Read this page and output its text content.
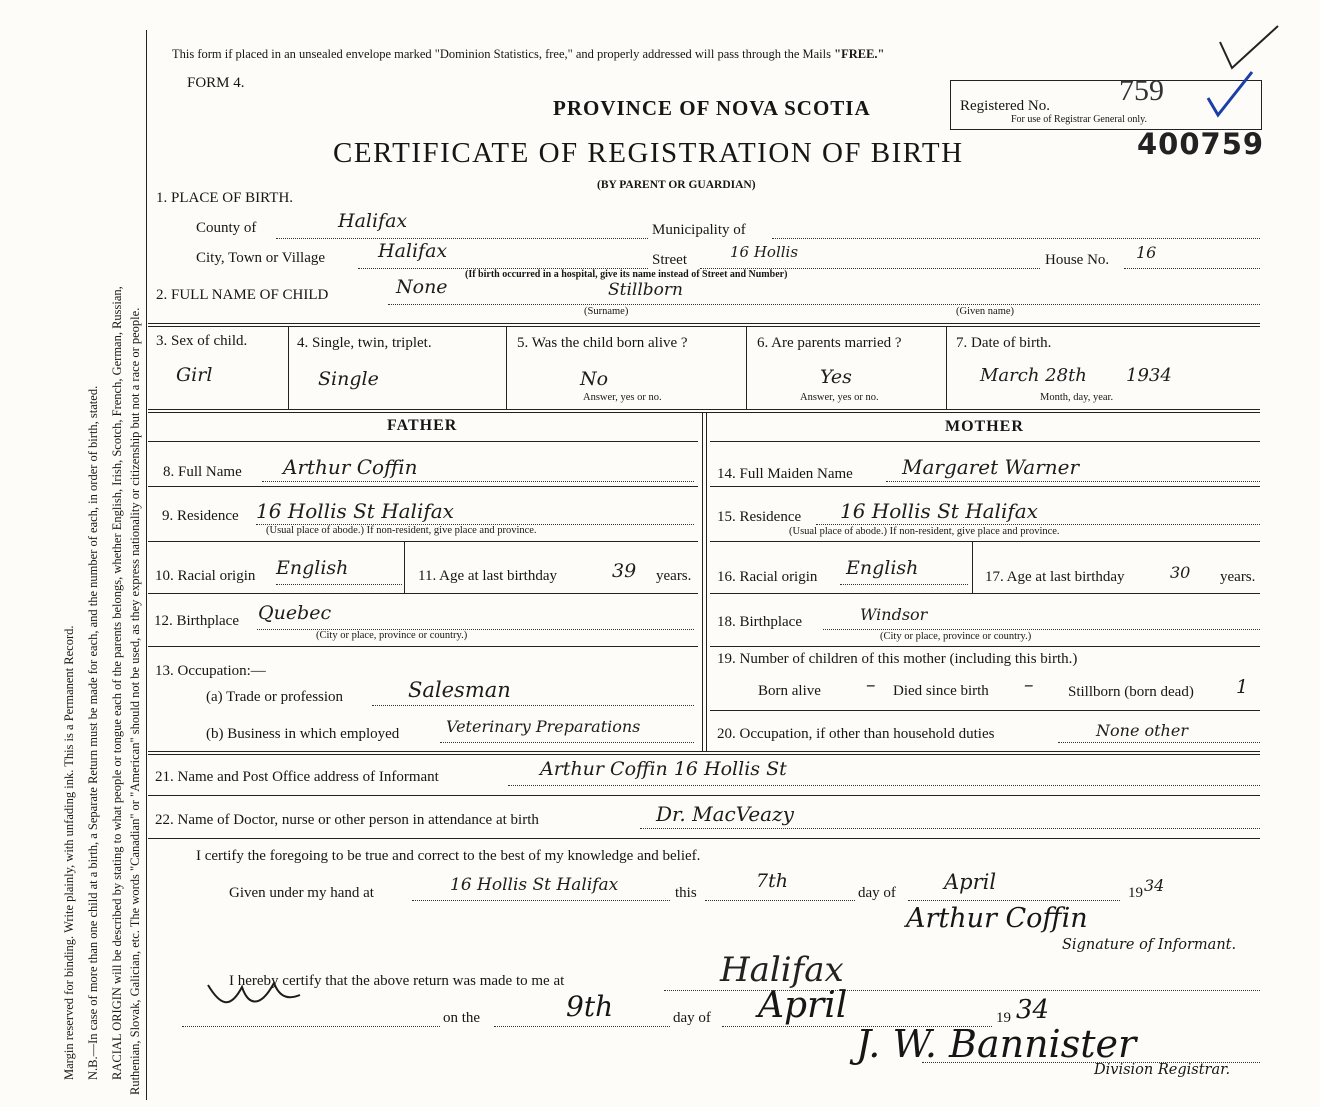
Margin reserved for binding. Write plainly, with unfading ink. This is a Permanent Record. N.B.—In case of more than one child at a birth, a Separate Return must be made for each, and the number of each, in order of birth, stated. RACIAL ORIGIN will be described by stating to what people or tongue each of the parents belongs, whether English, Irish, Scotch, French, German, Russian, Ruthenian, Slovak, Galician, etc. The words "Canadian" or "American" should not be used, as they express nationality or citizenship but not a race or people.
This form if placed in an unsealed envelope marked "Dominion Statistics, free," and properly addressed will pass through the Mails "FREE."
FORM 4.
PROVINCE OF NOVA SCOTIA
CERTIFICATE OF REGISTRATION OF BIRTH
(BY PARENT OR GUARDIAN)
Registered No. 759
For use of Registrar General only.
400759
1. PLACE OF BIRTH.
County of	Halifax	Municipality of
City, Town or Village	Halifax	Street	16 Hollis
(If birth occurred in a hospital, give its name instead of Street and Number)
House No. 16
2. FULL NAME OF CHILD	None	Stillborn
(Surname)	(Given name)
3. Sex of child.
Girl
4. Single, twin, triplet.
Single
5. Was the child born alive ?
No
Answer, yes or no.
6. Are parents married ?
Yes
Answer, yes or no.
7. Date of birth.
March 28th 1934
Month, day, year.
FATHER	MOTHER
8. Full Name Arthur Coffin
9. Residence 16 Hollis St Halifax
(Usual place of abode.) If non-resident, give place and province.
10. Racial origin English	11. Age at last birthday	39 years.
12. Birthplace Quebec
(City or place, province or country.)
13. Occupation:—
(a) Trade or profession	Salesman
(b) Business in which employed	Veterinary Preparations
14. Full Maiden Name Margaret Warner
15. Residence 16 Hollis St Halifax
(Usual place of abode.) If non-resident, give place and province.
16. Racial origin English	17. Age at last birthday	30 years.
18. Birthplace	Windsor
(City or place, province or country.)
19. Number of children of this mother (including this birth.)
Born alive – Died since birth – Stillborn (born dead) 1
20. Occupation, if other than household duties	None other
21. Name and Post Office address of Informant	Arthur Coffin 16 Hollis St
22. Name of Doctor, nurse or other person in attendance at birth	Dr. MacVeazy
I certify the foregoing to be true and correct to the best of my knowledge and belief.
Given under my hand at	16 Hollis St Halifax	this
7th
day of April	19 34
Arthur Coffin
Signature of Informant.
I hereby certify that the above return was made to me at	Halifax
on the	9th	day of April	19 34
J. W. Bannister
Division Registrar.
